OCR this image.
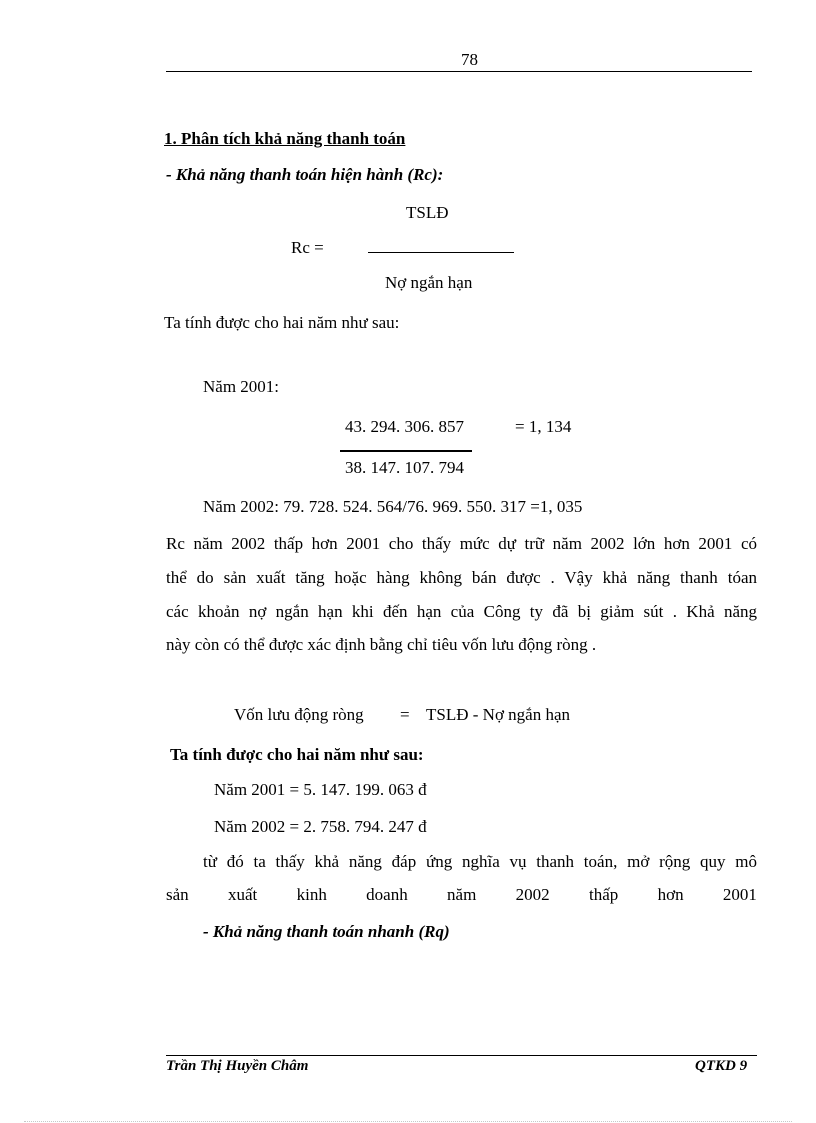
78
1. Phân tích khả năng thanh toán
- Khả năng thanh toán hiện hành (Rc):
TSLĐ
Rc =
Nợ ngắn hạn
Ta tính được cho hai năm như sau:
Năm 2001:
43. 294. 306. 857	= 1, 134
38. 147. 107. 794
Năm 2002: 79. 728. 524. 564/76. 969. 550. 317 =1, 035
Rc năm 2002 thấp hơn 2001 cho thấy mức dự trữ năm 2002 lớn hơn 2001 có
thể do sản xuất tăng hoặc hàng không bán được . Vậy khả năng thanh tóan
các khoản nợ ngắn hạn khi đến hạn của Công ty đã bị giảm sút . Khả năng
này còn có thể được xác định bằng chỉ tiêu vốn lưu động ròng .
Vốn lưu động ròng = TSLĐ - Nợ ngắn hạn
Ta tính được cho hai năm như sau:
Năm 2001 = 5. 147. 199. 063 đ
Năm 2002 = 2. 758. 794. 247 đ
từ đó ta thấy khả năng đáp ứng nghĩa vụ thanh toán, mở rộng quy mô
sản xuất kinh doanh năm 2002 thấp hơn 2001
- Khả năng thanh toán nhanh (Rq)
Trần Thị Huyền Châm	QTKD 9
